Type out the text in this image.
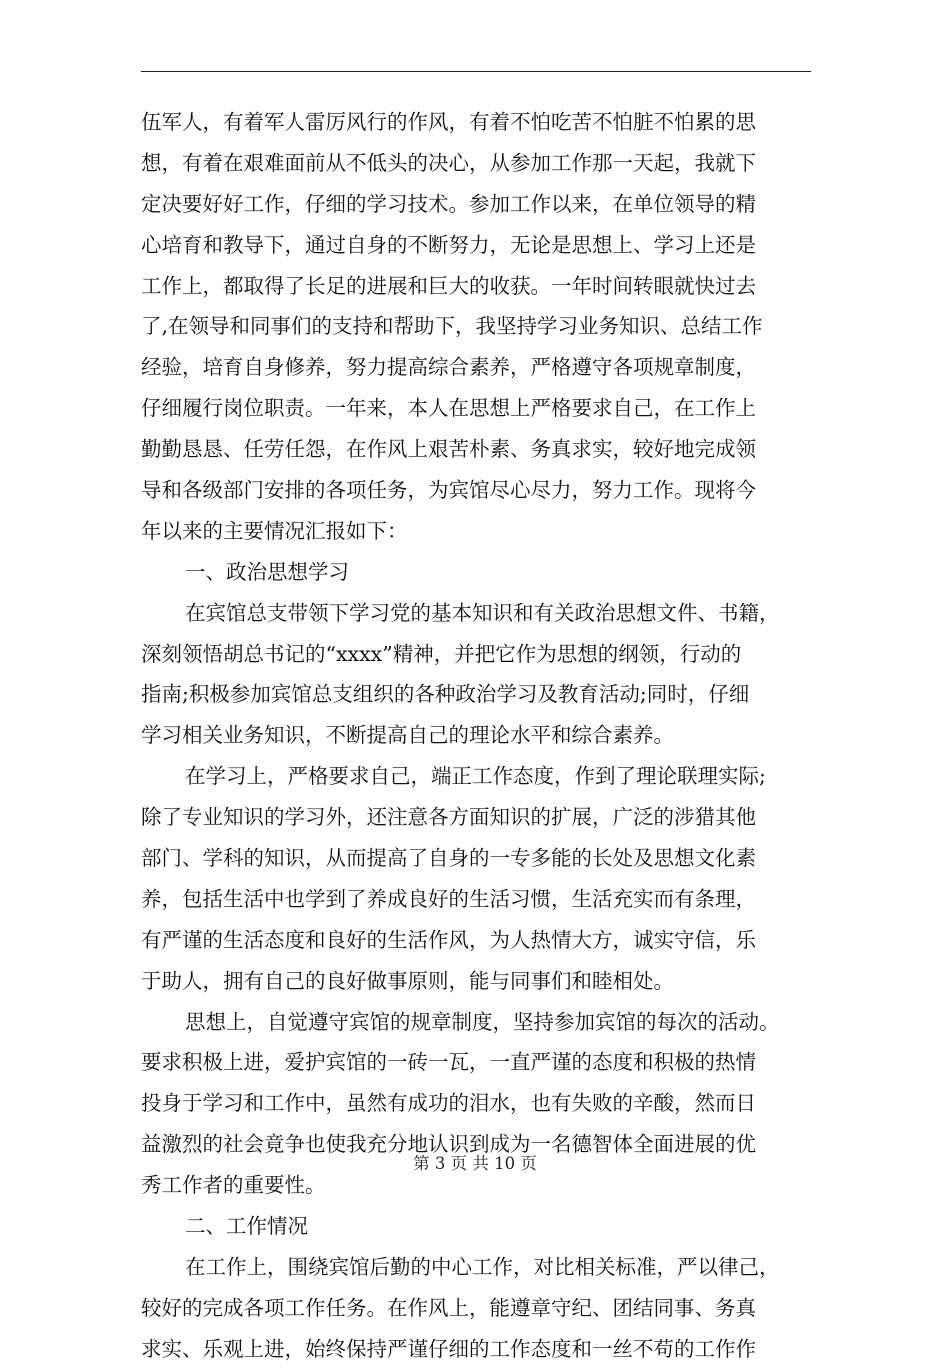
伍军人，有着军人雷厉风行的作风，有着不怕吃苦不怕脏不怕累的思
想，有着在艰难面前从不低头的决心，从参加工作那一天起，我就下
定决要好好工作，仔细的学习技术。参加工作以来，在单位领导的精
心培育和教导下，通过自身的不断努力，无论是思想上、学习上还是
工作上，都取得了长足的进展和巨大的收获。一年时间转眼就快过去
了,在领导和同事们的支持和帮助下，我坚持学习业务知识、总结工作
经验，培育自身修养，努力提高综合素养，严格遵守各项规章制度，
仔细履行岗位职责。一年来，本人在思想上严格要求自己，在工作上
勤勤恳恳、任劳任怨，在作风上艰苦朴素、务真求实，较好地完成领
导和各级部门安排的各项任务，为宾馆尽心尽力，努力工作。现将今
年以来的主要情况汇报如下：
一、政治思想学习
在宾馆总支带领下学习党的基本知识和有关政治思想文件、书籍，
深刻领悟胡总书记的“xxxx”精神，并把它作为思想的纲领，行动的
指南;积极参加宾馆总支组织的各种政治学习及教育活动;同时，仔细
学习相关业务知识，不断提高自己的理论水平和综合素养。
在学习上，严格要求自己，端正工作态度，作到了理论联理实际;
除了专业知识的学习外，还注意各方面知识的扩展，广泛的涉猎其他
部门、学科的知识，从而提高了自身的一专多能的长处及思想文化素
养，包括生活中也学到了养成良好的生活习惯，生活充实而有条理，
有严谨的生活态度和良好的生活作风，为人热情大方，诚实守信，乐
于助人，拥有自己的良好做事原则，能与同事们和睦相处。
思想上，自觉遵守宾馆的规章制度，坚持参加宾馆的每次的活动。
要求积极上进，爱护宾馆的一砖一瓦，一直严谨的态度和积极的热情
投身于学习和工作中，虽然有成功的泪水，也有失败的辛酸，然而日
益激烈的社会竟争也使我充分地认识到成为一名德智体全面进展的优
秀工作者的重要性。
二、工作情况
在工作上，围绕宾馆后勤的中心工作，对比相关标准，严以律己，
较好的完成各项工作任务。在作风上，能遵章守纪、团结同事、务真
求实、乐观上进，始终保持严谨仔细的工作态度和一丝不苟的工作作
第 3 页 共 10 页
